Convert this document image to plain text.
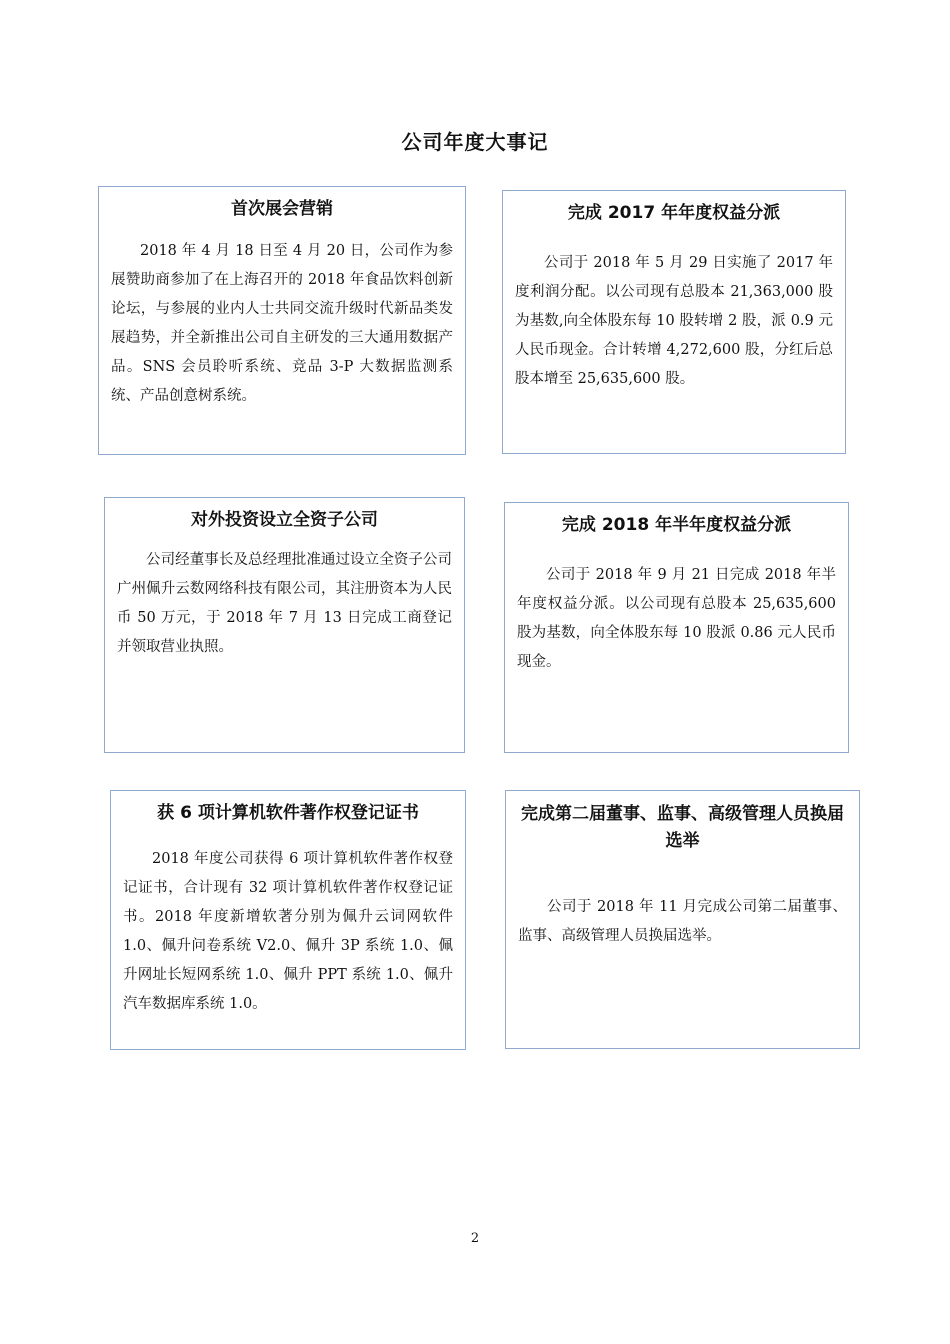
公司年度大事记
首次展会营销

2018 年 4 月 18 日至 4 月 20 日，公司作为参展赞助商参加了在上海召开的 2018 年食品饮料创新论坛，与参展的业内人士共同交流升级时代新品类发展趋势，并全新推出公司自主研发的三大通用数据产品。SNS 会员聆听系统、竞品 3-P 大数据监测系统、产品创意树系统。

完成 2017 年年度权益分派

公司于 2018 年 5 月 29 日实施了 2017 年度利润分配。以公司现有总股本 21,363,000 股为基数,向全体股东每 10 股转增 2 股，派 0.9 元人民币现金。合计转增 4,272,600 股，分红后总股本增至 25,635,600 股。

对外投资设立全资子公司

公司经董事长及总经理批准通过设立全资子公司广州佩升云数网络科技有限公司，其注册资本为人民币 50 万元，于 2018 年 7 月 13 日完成工商登记并领取营业执照。

完成 2018 年半年度权益分派

公司于 2018 年 9 月 21 日完成 2018 年半年度权益分派。以公司现有总股本 25,635,600 股为基数，向全体股东每 10 股派 0.86 元人民币现金。

获 6 项计算机软件著作权登记证书

2018 年度公司获得 6 项计算机软件著作权登记证书，合计现有 32 项计算机软件著作权登记证书。2018 年度新增软著分别为佩升云词网软件 1.0、佩升问卷系统 V2.0、佩升 3P 系统 1.0、佩升网址长短网系统 1.0、佩升 PPT 系统 1.0、佩升汽车数据库系统 1.0。

完成第二届董事、监事、高级管理人员换届选举

公司于 2018 年 11 月完成公司第二届董事、监事、高级管理人员换届选举。

2
